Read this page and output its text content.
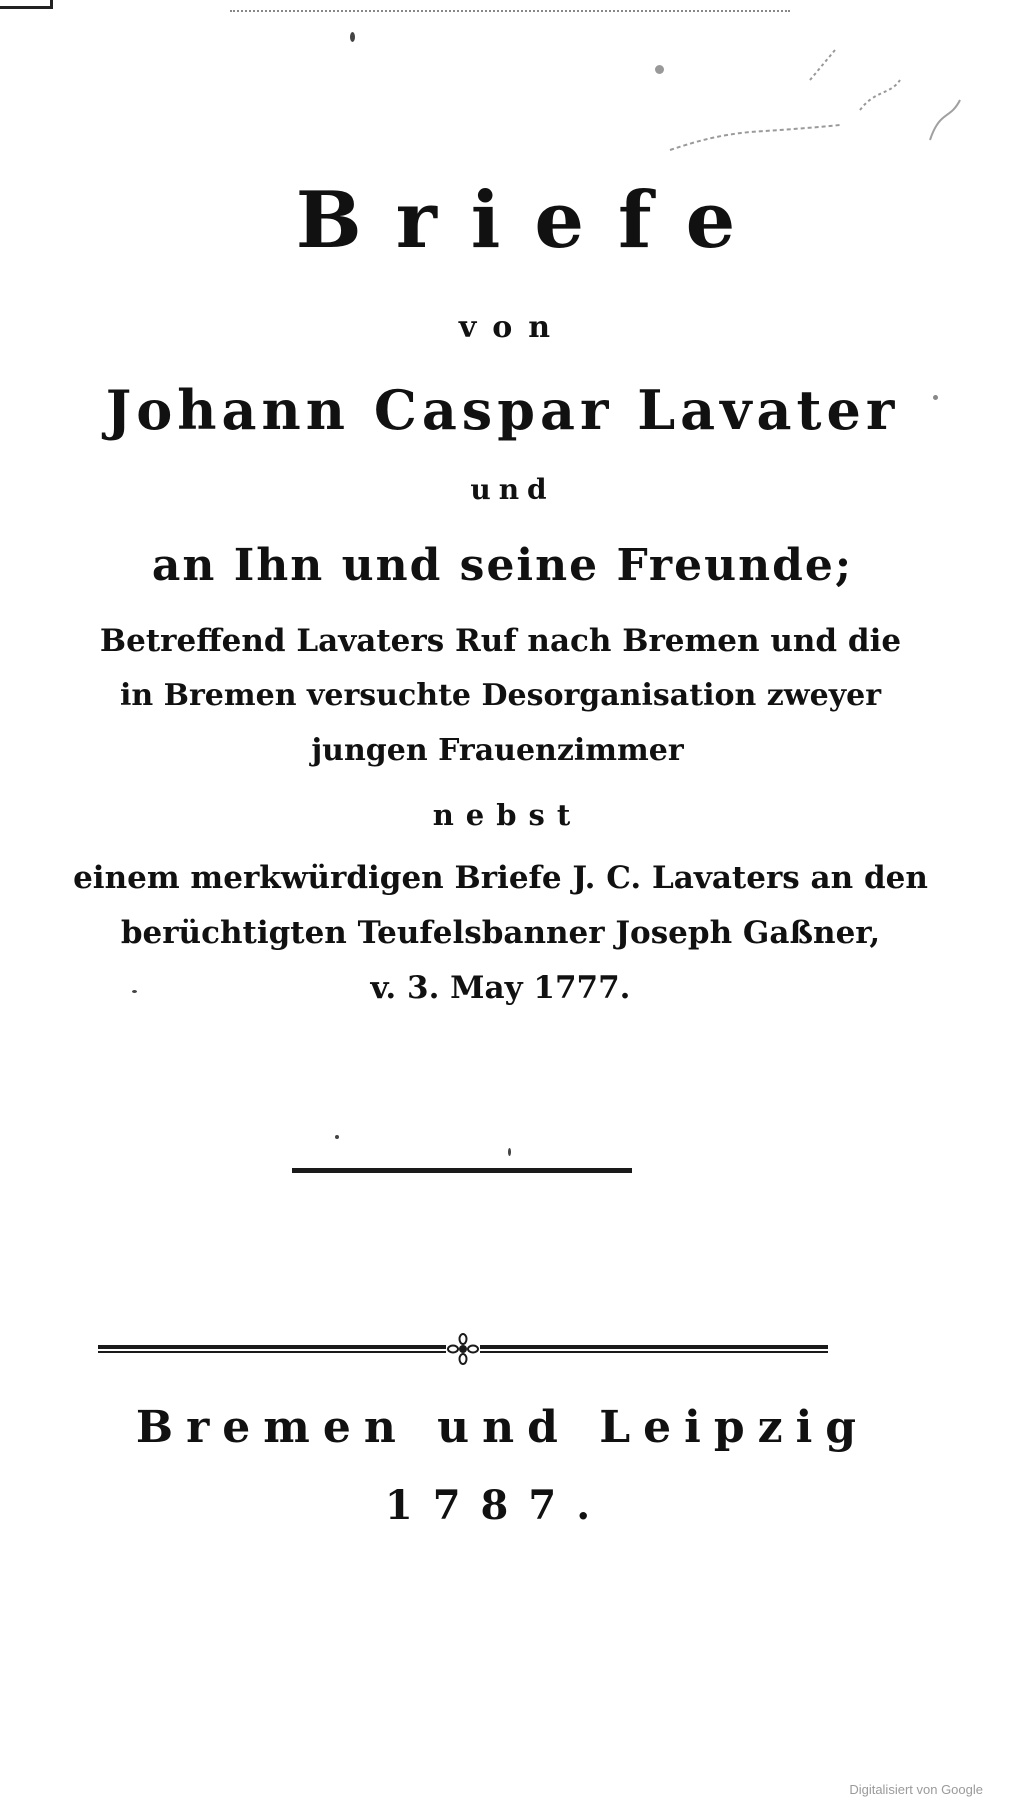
Briefe
von
Johann Caspar Lavater
und
an Ihn und seine Freunde;
Betreffend Lavaters Ruf nach Bremen und die
in Bremen versuchte Desorganisation zweyer
jungen Frauenzimmer
nebst
einem merkwürdigen Briefe J. C. Lavaters an den
berüchtigten Teufelsbanner Joseph Gaßner,
v. 3. May 1777.
Bremen und Leipzig
1787.
Digitalisiert von Google
